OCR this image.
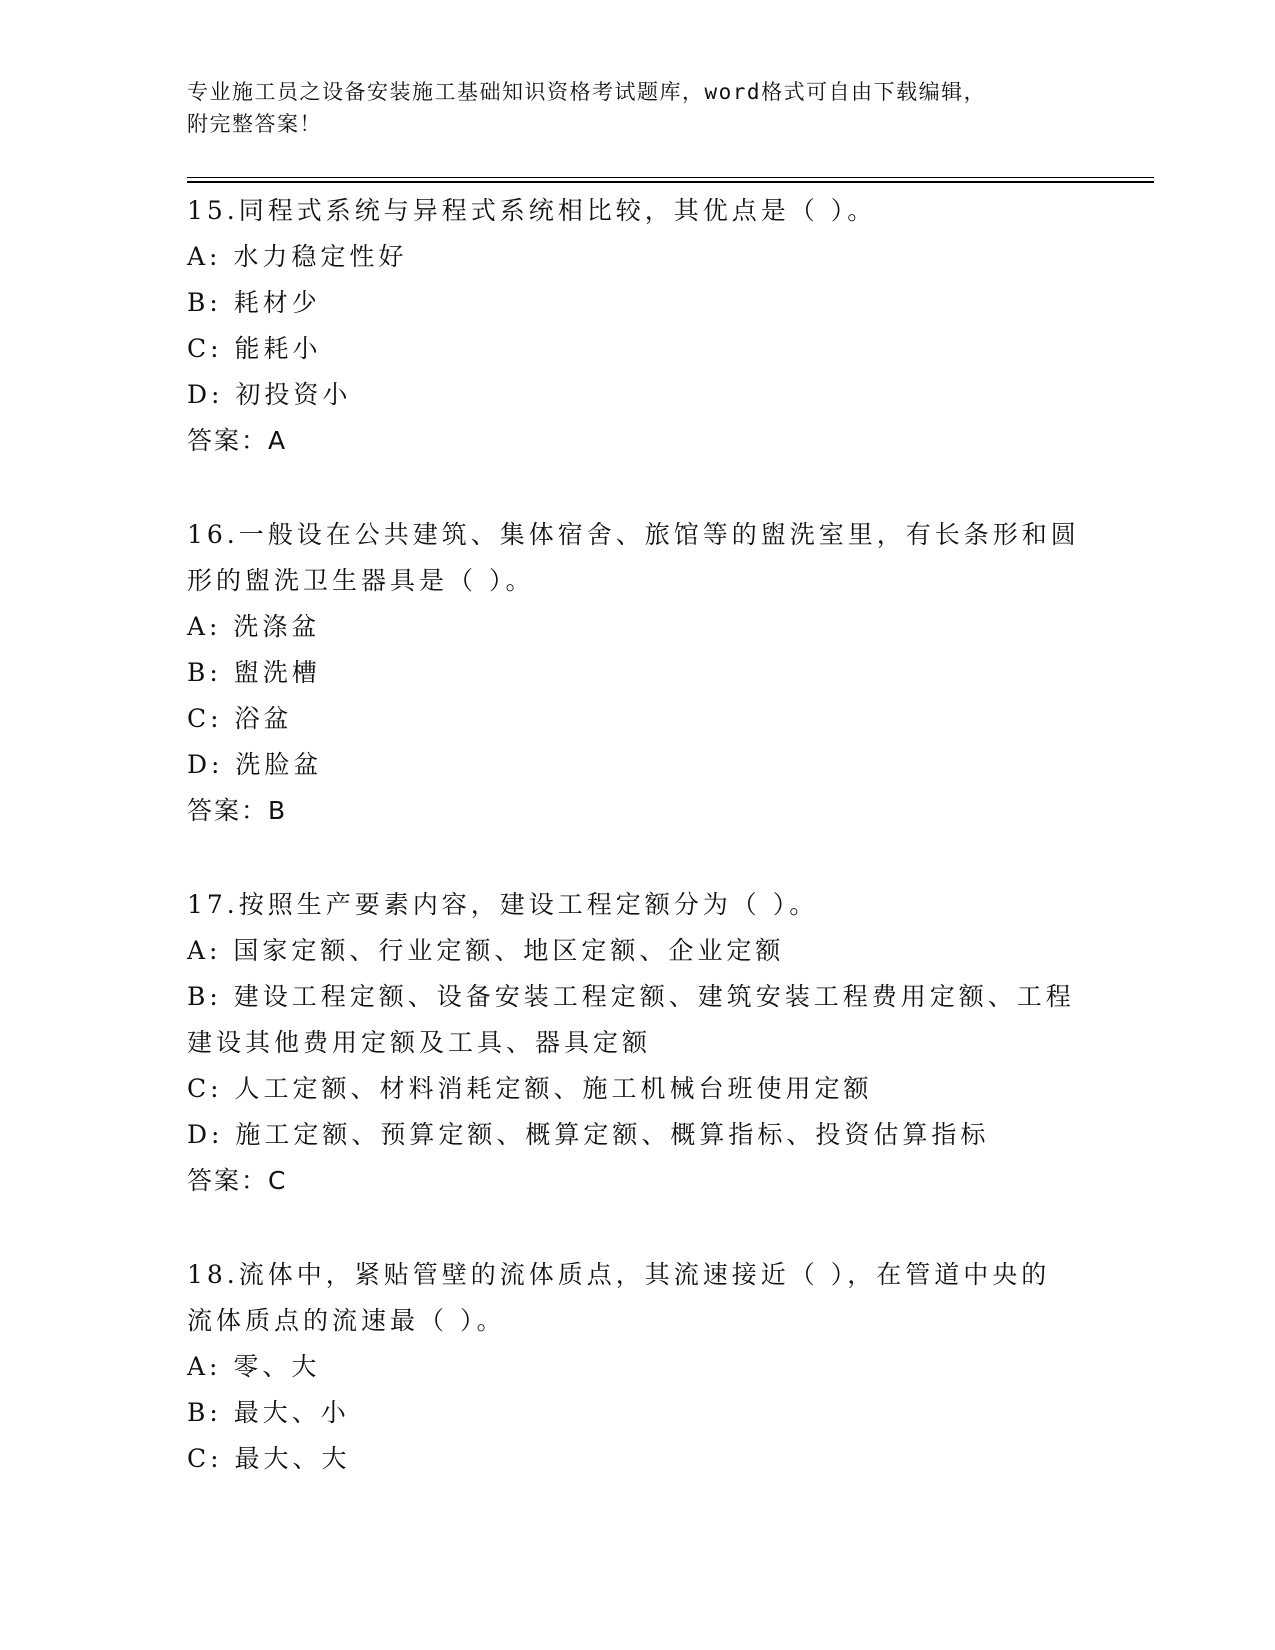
专业施工员之设备安装施工基础知识资格考试题库，word格式可自由下载编辑，
附完整答案！
15.同程式系统与异程式系统相比较，其优点是（ ）。
A: 水力稳定性好
B: 耗材少
C: 能耗小
D: 初投资小
答案：A
16.一般设在公共建筑、集体宿舍、旅馆等的盥洗室里，有长条形和圆
形的盥洗卫生器具是（ ）。
A: 洗涤盆
B: 盥洗槽
C: 浴盆
D: 洗脸盆
答案：B
17.按照生产要素内容，建设工程定额分为（ ）。
A: 国家定额、行业定额、地区定额、企业定额
B: 建设工程定额、设备安装工程定额、建筑安装工程费用定额、工程
建设其他费用定额及工具、器具定额
C: 人工定额、材料消耗定额、施工机械台班使用定额
D: 施工定额、预算定额、概算定额、概算指标、投资估算指标
答案：C
18.流体中，紧贴管壁的流体质点，其流速接近（ ），在管道中央的
流体质点的流速最（ ）。
A: 零、大
B: 最大、小
C: 最大、大
